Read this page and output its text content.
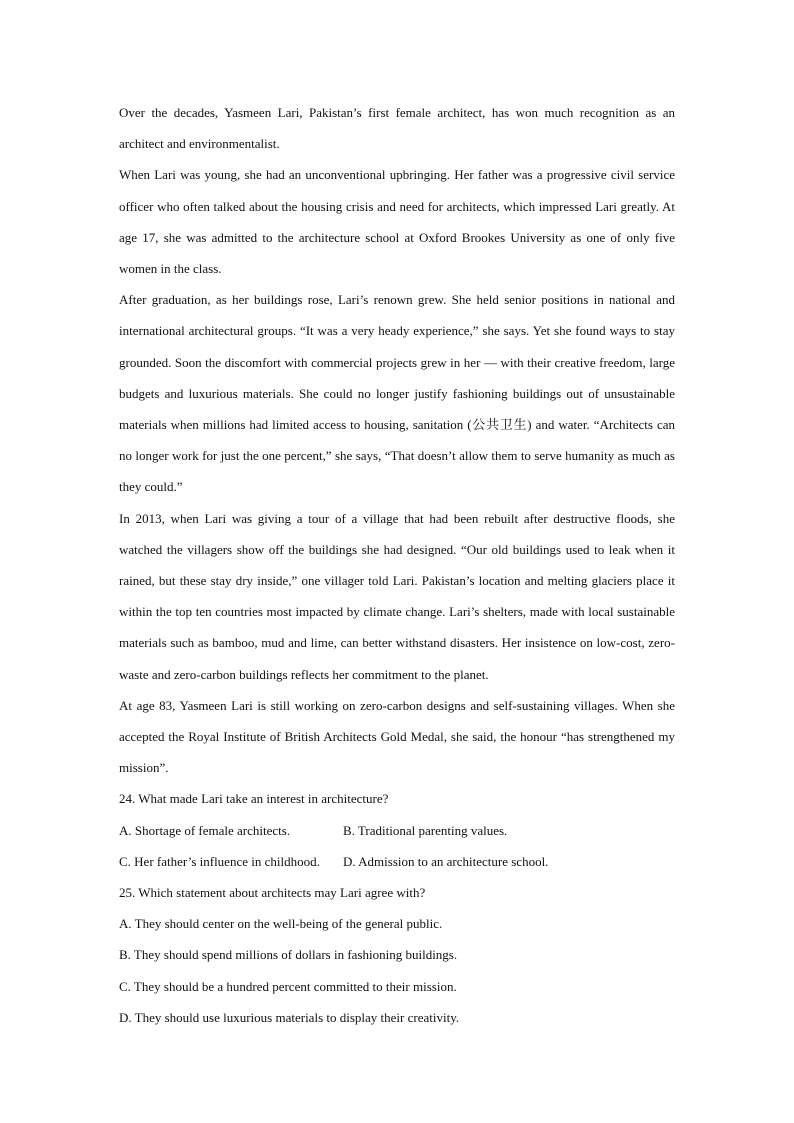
Over the decades, Yasmeen Lari, Pakistan’s first female architect, has won much recognition as an architect and environmentalist.

When Lari was young, she had an unconventional upbringing. Her father was a progressive civil service officer who often talked about the housing crisis and need for architects, which impressed Lari greatly. At age 17, she was admitted to the architecture school at Oxford Brookes University as one of only five women in the class.

After graduation, as her buildings rose, Lari’s renown grew. She held senior positions in national and international architectural groups. “It was a very heady experience,” she says. Yet she found ways to stay grounded. Soon the discomfort with commercial projects grew in her — with their creative freedom, large budgets and luxurious materials. She could no longer justify fashioning buildings out of unsustainable materials when millions had limited access to housing, sanitation (公共卫生) and water. “Architects can no longer work for just the one percent,” she says, “That doesn’t allow them to serve humanity as much as they could.”

In 2013, when Lari was giving a tour of a village that had been rebuilt after destructive floods, she watched the villagers show off the buildings she had designed. “Our old buildings used to leak when it rained, but these stay dry inside,” one villager told Lari. Pakistan’s location and melting glaciers place it within the top ten countries most impacted by climate change. Lari’s shelters, made with local sustainable materials such as bamboo, mud and lime, can better withstand disasters. Her insistence on low-cost, zero-waste and zero-carbon buildings reflects her commitment to the planet.

At age 83, Yasmeen Lari is still working on zero-carbon designs and self-sustaining villages. When she accepted the Royal Institute of British Architects Gold Medal, she said, the honour “has strengthened my mission”.

24. What made Lari take an interest in architecture?

A. Shortage of female architects.	B. Traditional parenting values.
C. Her father’s influence in childhood.	D. Admission to an architecture school.

25. Which statement about architects may Lari agree with?

A. They should center on the well-being of the general public.

B. They should spend millions of dollars in fashioning buildings.

C. They should be a hundred percent committed to their mission.

D. They should use luxurious materials to display their creativity.
